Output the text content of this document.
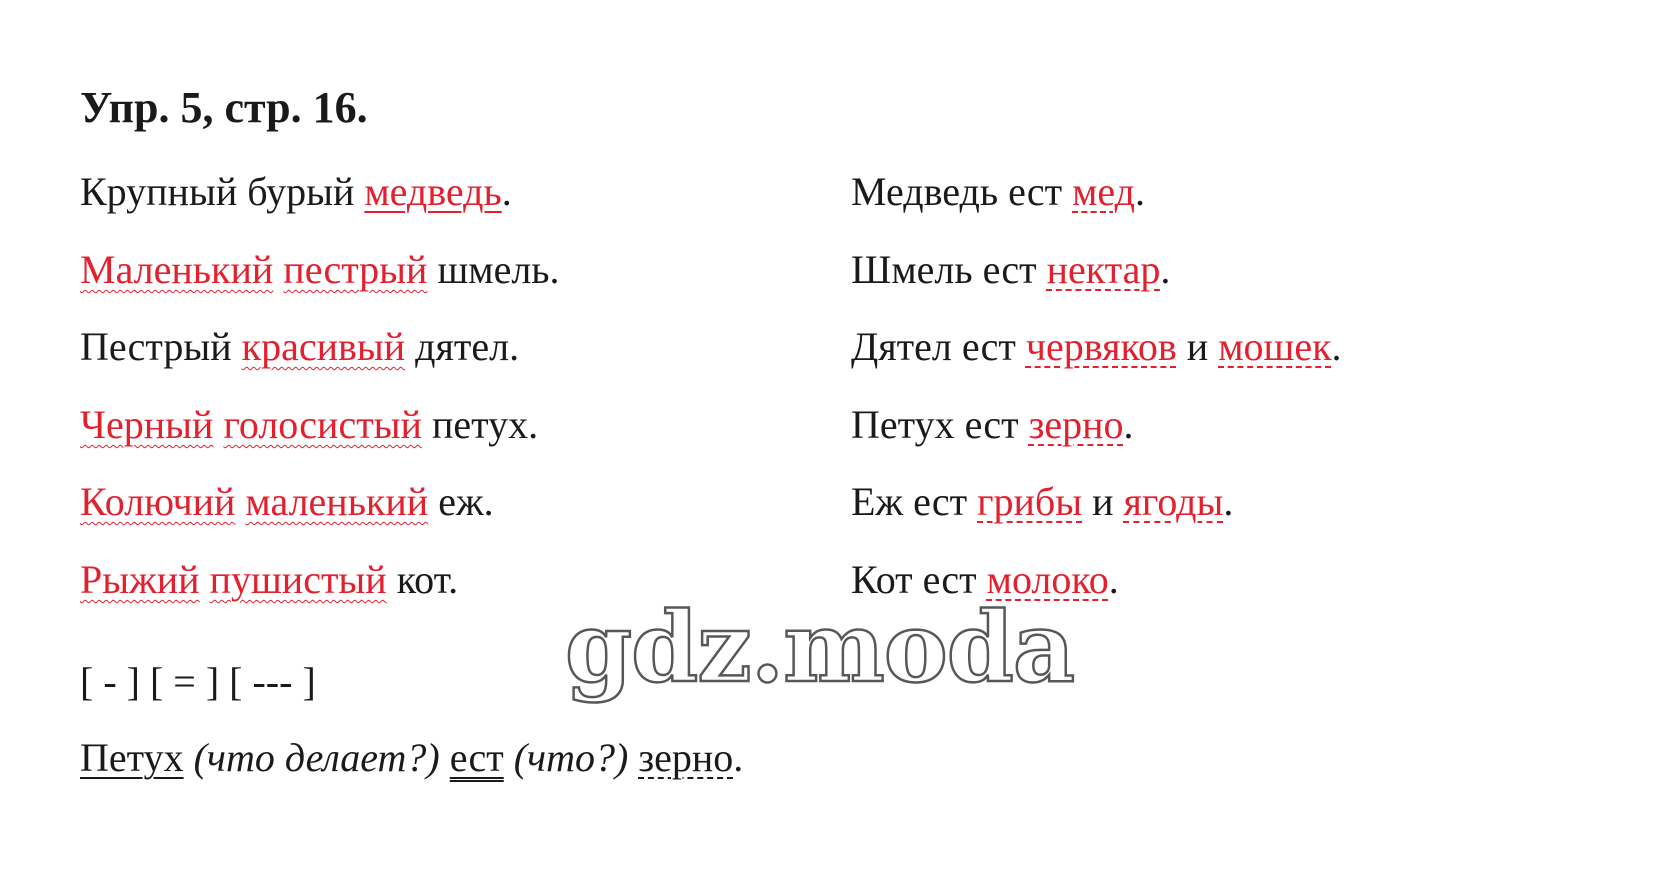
Упр. 5, стр. 16.
Крупный бурый медведь.
Маленький пестрый шмель.
Пестрый красивый дятел.
Черный голосистый петух.
Колючий маленький еж.
Рыжий пушистый кот.
Медведь ест мед.
Шмель ест нектар.
Дятел ест червяков и мошек.
Петух ест зерно.
Еж ест грибы и ягоды.
Кот ест молоко.
gdz.moda
[ - ] [ = ] [ --- ]
Петух (что делает?) ест (что?) зерно.
